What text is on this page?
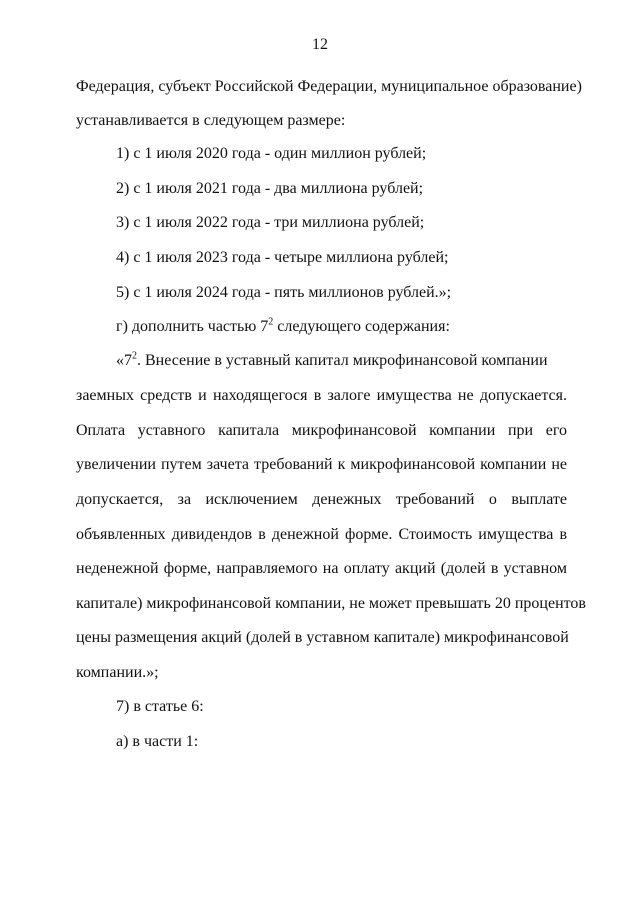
12
Федерация, субъект Российской Федерации, муниципальное образование)
устанавливается в следующем размере:
1) с 1 июля 2020 года - один миллион рублей;
2) с 1 июля 2021 года - два миллиона рублей;
3) с 1 июля 2022 года - три миллиона рублей;
4) с 1 июля 2023 года - четыре миллиона рублей;
5) с 1 июля 2024 года - пять миллионов рублей.»;
г) дополнить частью $7^2$ следующего содержания:
«$7^2$. Внесение в уставный капитал микрофинансовой компании
заемных средств и находящегося в залоге имущества не допускается.
Оплата уставного капитала микрофинансовой компании при его
увеличении путем зачета требований к микрофинансовой компании не
допускается, за исключением денежных требований о выплате
объявленных дивидендов в денежной форме. Стоимость имущества в
неденежной форме, направляемого на оплату акций (долей в уставном
капитале) микрофинансовой компании, не может превышать 20 процентов
цены размещения акций (долей в уставном капитале) микрофинансовой
компании.»;
7) в статье 6:
а) в части 1:
